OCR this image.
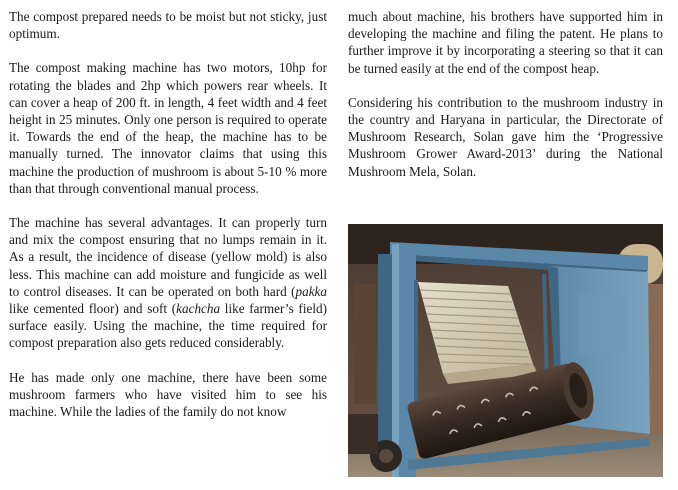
The compost prepared needs to be moist but not sticky, just optimum.

The compost making machine has two motors, 10hp for rotating the blades and 2hp which powers rear wheels. It can cover a heap of 200 ft. in length, 4 feet width and 4 feet height in 25 minutes. Only one person is required to operate it. Towards the end of the heap, the machine has to be manually turned. The innovator claims that using this machine the production of mushroom is about 5-10 % more than that through conventional manual process.

The machine has several advantages. It can properly turn and mix the compost ensuring that no lumps remain in it. As a result, the incidence of disease (yellow mold) is also less. This machine can add moisture and fungicide as well to control diseases. It can be operated on both hard (pakka like cemented floor) and soft (kachcha like farmer’s field) surface easily. Using the machine, the time required for compost preparation also gets reduced considerably.

He has made only one machine, there have been some mushroom farmers who have visited him to see his machine. While the ladies of the family do not know

much about machine, his brothers have supported him in developing the machine and filing the patent. He plans to further improve it by incorporating a steering so that it can be turned easily at the end of the compost heap.

Considering his contribution to the mushroom industry in the country and Haryana in particular, the Directorate of Mushroom Research, Solan gave him the ‘Progressive Mushroom Grower Award-2013’ during the National Mushroom Mela, Solan.
